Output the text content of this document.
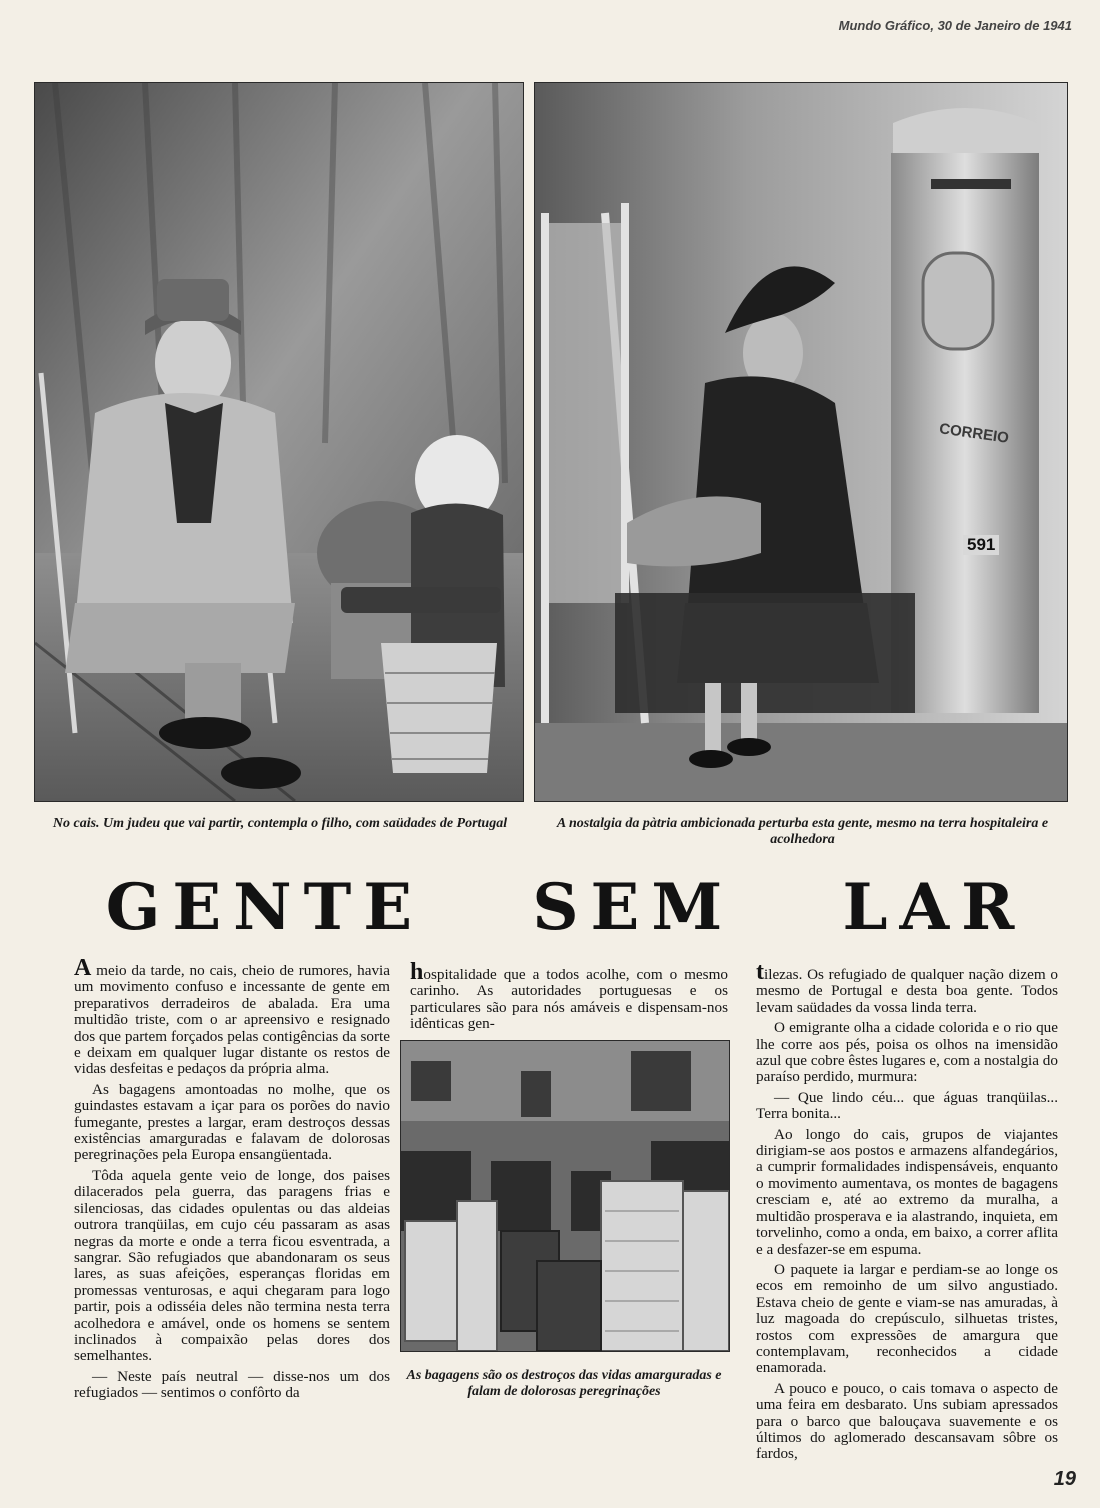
Mundo Gráfico, 30 de Janeiro de 1941
CORREIO
591
No cais. Um judeu que vai partir, contempla o filho, com saüdades de Portugal	A nostalgia da pàtria ambicionada perturba esta gente, mesmo na terra hospitaleira e acolhedora
GENTE SEM LAR

A meio da tarde, no cais, cheio de rumores, havia um movimento confuso e incessante de gente em preparativos derradeiros de abalada. Era uma multidão triste, com o ar apreensivo e resignado dos que partem forçados pelas contigências da sorte e deixam em qualquer lugar distante os restos de vidas desfeitas e pedaços da própria alma.

As bagagens amontoadas no molhe, que os guindastes estavam a içar para os porões do navio fumegante, prestes a largar, eram destroços dessas existências amarguradas e falavam de dolorosas peregrinações pela Europa ensangüentada.

Tôda aquela gente veio de longe, dos paises dilacerados pela guerra, das paragens frias e silenciosas, das cidades opulentas ou das aldeias outrora tranqüilas, em cujo céu passaram as asas negras da morte e onde a terra ficou esventrada, a sangrar. São refugiados que abandonaram os seus lares, as suas afeições, esperanças floridas em promessas venturosas, e aqui chegaram para logo partir, pois a odisséia deles não termina nesta terra acolhedora e amável, onde os homens se sentem inclinados à compaixão pelas dores dos semelhantes.

— Neste país neutral — disse-nos um dos refugiados — sentimos o confôrto da

hospitalidade que a todos acolhe, com o mesmo carinho. As autoridades portuguesas e os particulares são para nós amáveis e dispensam-nos idênticas gen-

As bagagens são os destroços das vidas amarguradas e falam de dolorosas peregrinações

tilezas. Os refugiado de qualquer nação dizem o mesmo de Portugal e desta boa gente. Todos levam saüdades da vossa linda terra.

O emigrante olha a cidade colorida e o rio que lhe corre aos pés, poisa os olhos na imensidão azul que cobre êstes lugares e, com a nostalgia do paraíso perdido, murmura:

— Que lindo céu... que águas tranqüilas... Terra bonita...

Ao longo do cais, grupos de viajantes dirigiam-se aos postos e armazens alfandegários, a cumprir formalidades indispensáveis, enquanto o movimento aumentava, os montes de bagagens cresciam e, até ao extremo da muralha, a multidão prosperava e ia alastrando, inquieta, em torvelinho, como a onda, em baixo, a correr aflita e a desfazer-se em espuma.

O paquete ia largar e perdiam-se ao longe os ecos em remoinho de um silvo angustiado. Estava cheio de gente e viam-se nas amuradas, à luz magoada do crepúsculo, silhuetas tristes, rostos com expressões de amargura que contemplavam, reconhecidos a cidade enamorada.

A pouco e pouco, o cais tomava o aspecto de uma feira em desbarato. Uns subiam apressados para o barco que balouçava suavemente e os últimos do aglomerado descansavam sôbre os fardos,

19
